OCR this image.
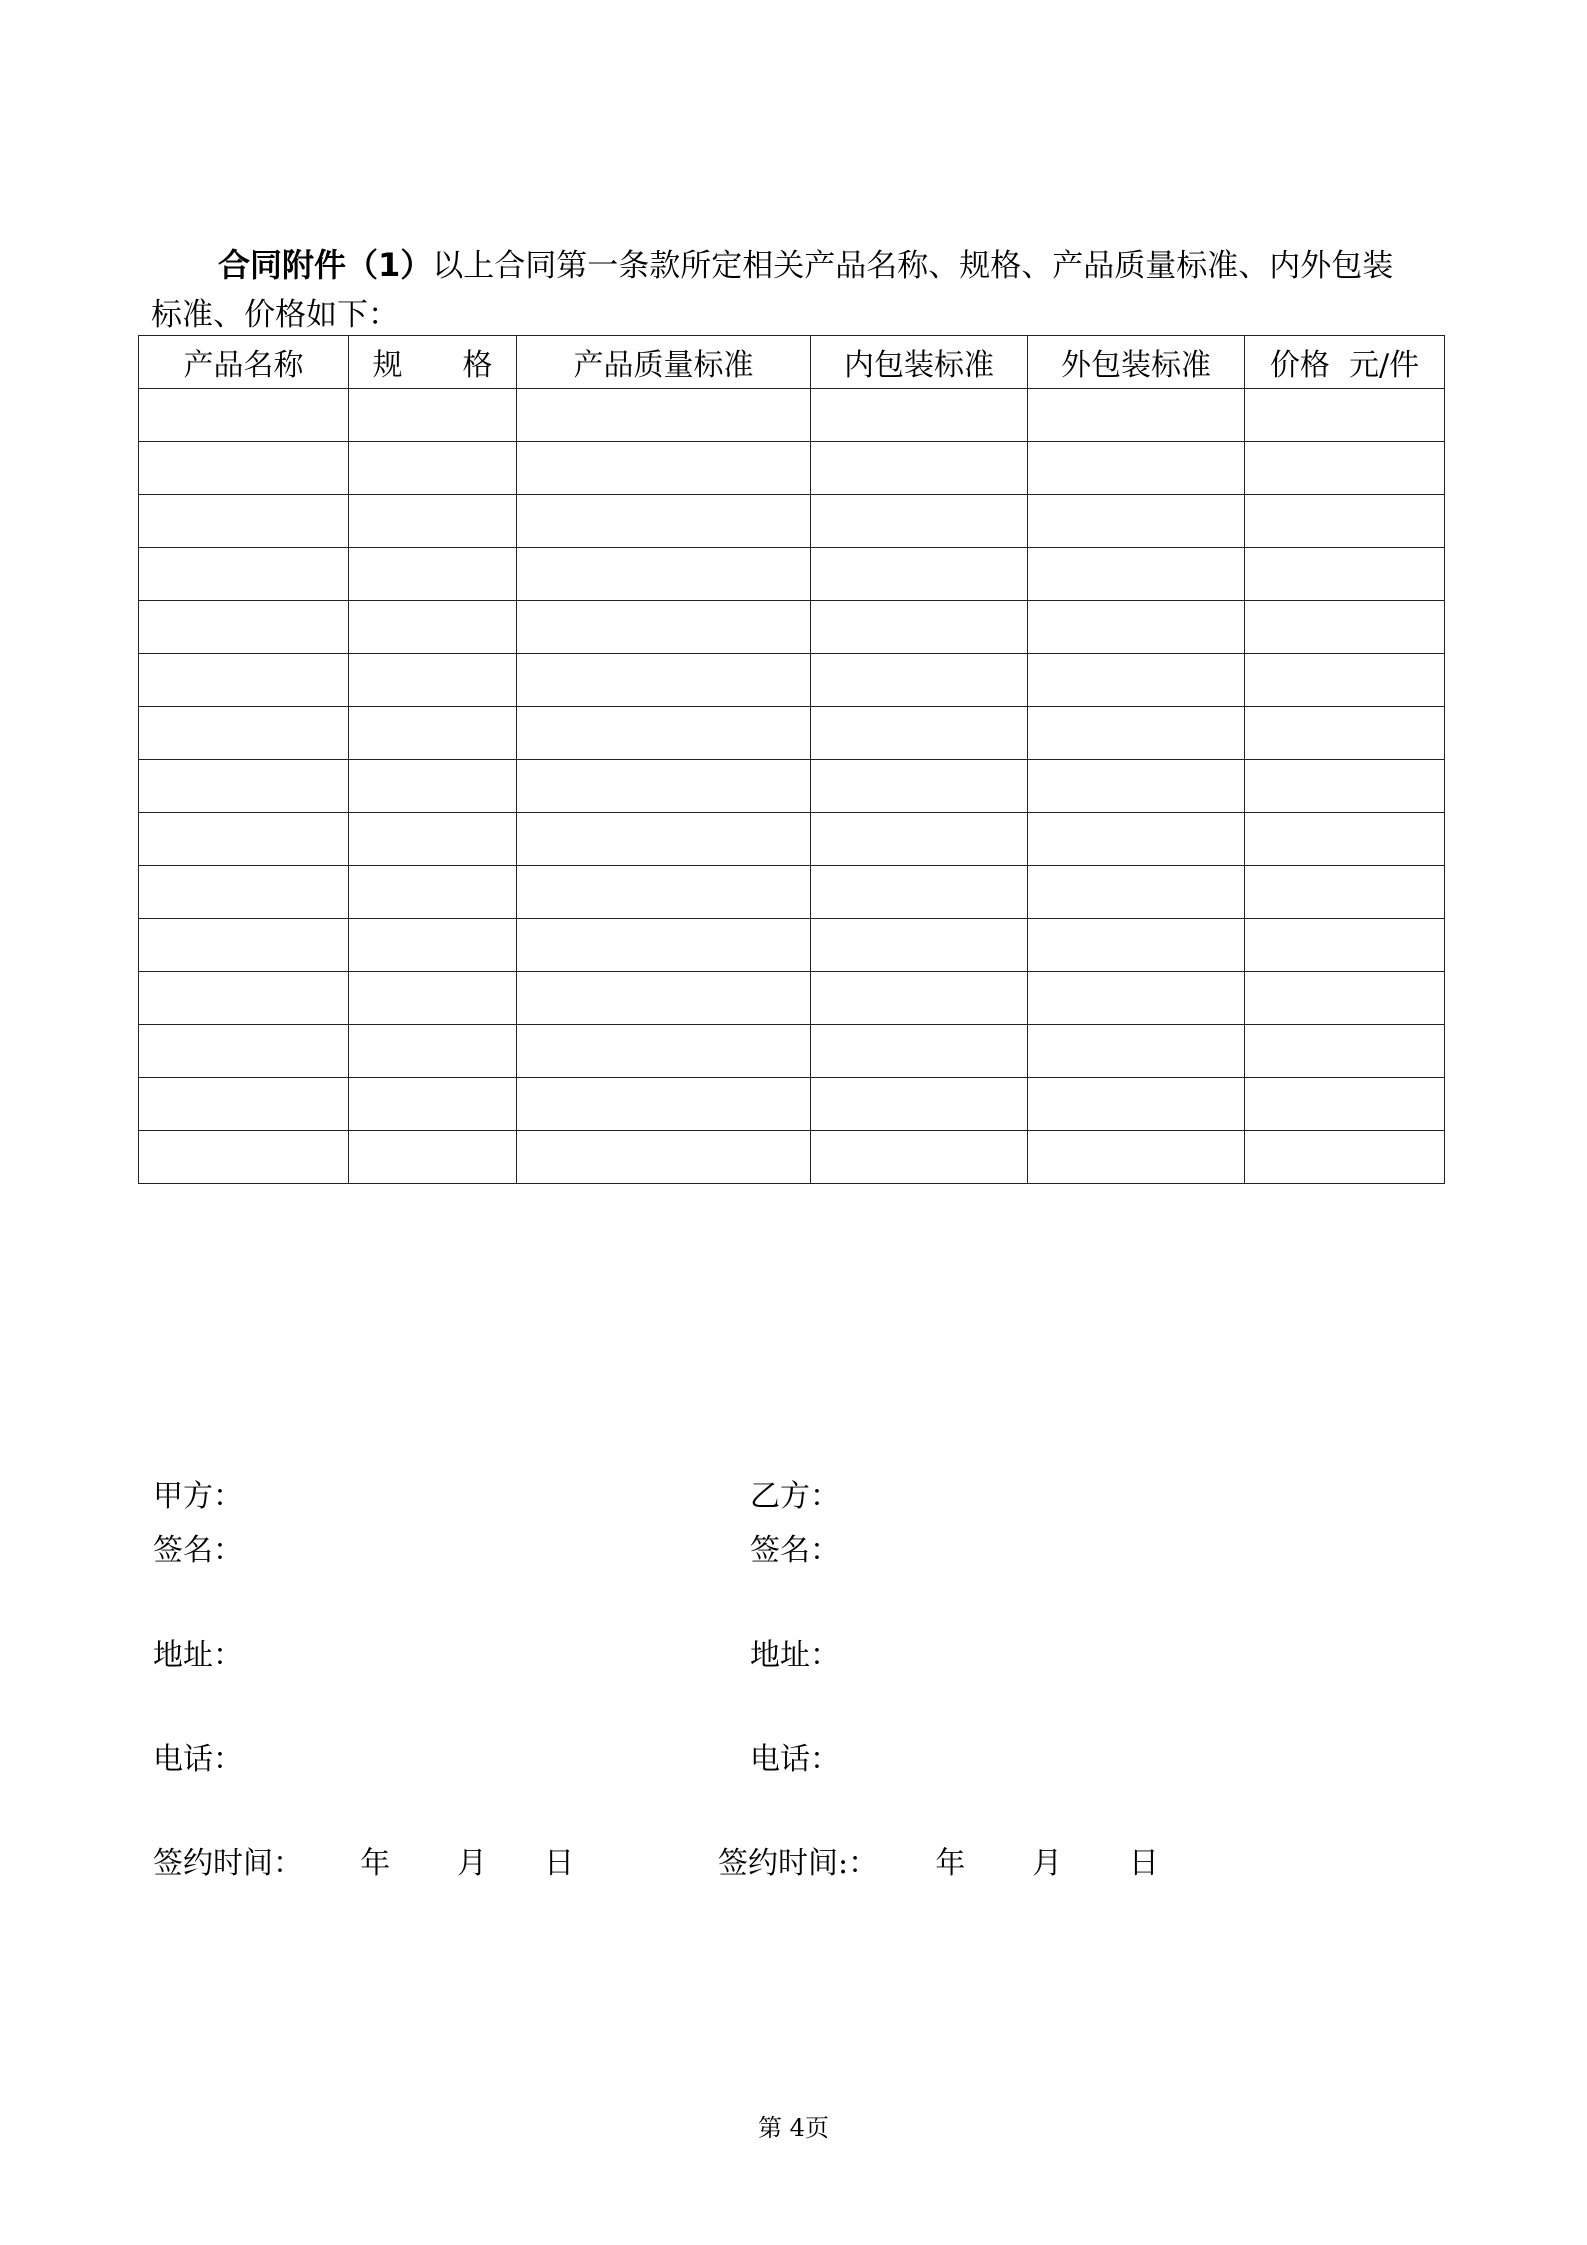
合同附件（1）以上合同第一条款所定相关产品名称、规格、产品质量标准、内外包装
标准、价格如下：
产品名称	规　　格	产品质量标准	内包装标准	外包装标准	价格  元/件

甲方：
签名：
地址：
电话：
签约时间：      年       月      日
乙方：
签名：
地址：
电话：
签约时间:：      年       月       日
第 4页
